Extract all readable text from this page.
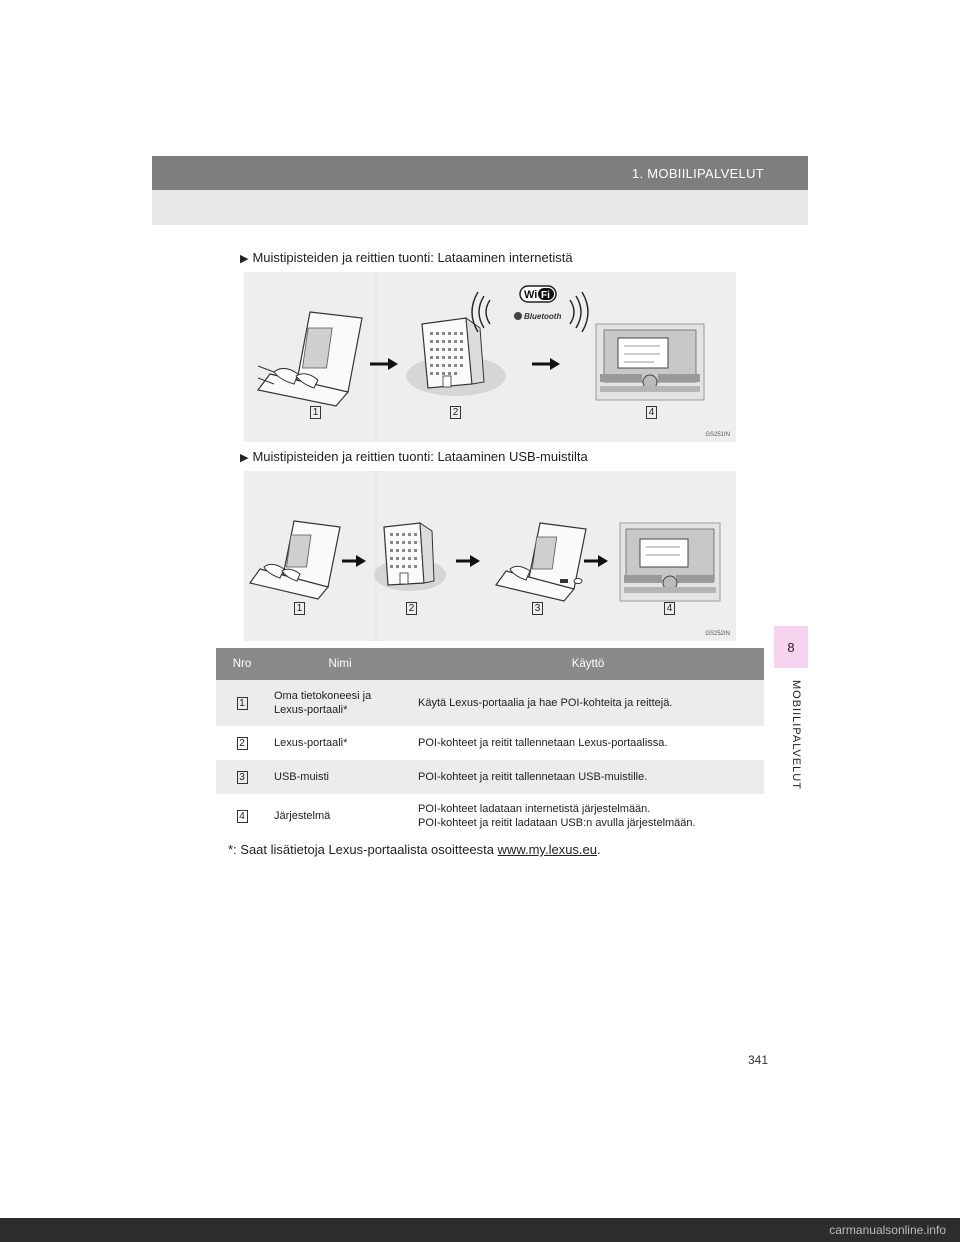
1. MOBIILIPALVELUT
8
MOBIILIPALVELUT
▶ Muistipisteiden ja reittien tuonti: Lataaminen internetistä
Wi Fi
Bluetooth
1	2	4
GS251IN
▶ Muistipisteiden ja reittien tuonti: Lataaminen USB-muistilta
1	2	3	4
GS252IN
Nro	Nimi	Käyttö
1	Oma tietokoneesi ja Lexus-portaali*	Käytä Lexus-portaalia ja hae POI-kohteita ja reittejä.
2	Lexus-portaali*	POI-kohteet ja reitit tallennetaan Lexus-portaalissa.
3	USB-muisti	POI-kohteet ja reitit tallennetaan USB-muistille.
4	Järjestelmä	POI-kohteet ladataan internetistä järjestelmään.
POI-kohteet ja reitit ladataan USB:n avulla järjestelmään.
*: Saat lisätietoja Lexus-portaalista osoitteesta www.my.lexus.eu.
341
carmanualsonline.info
